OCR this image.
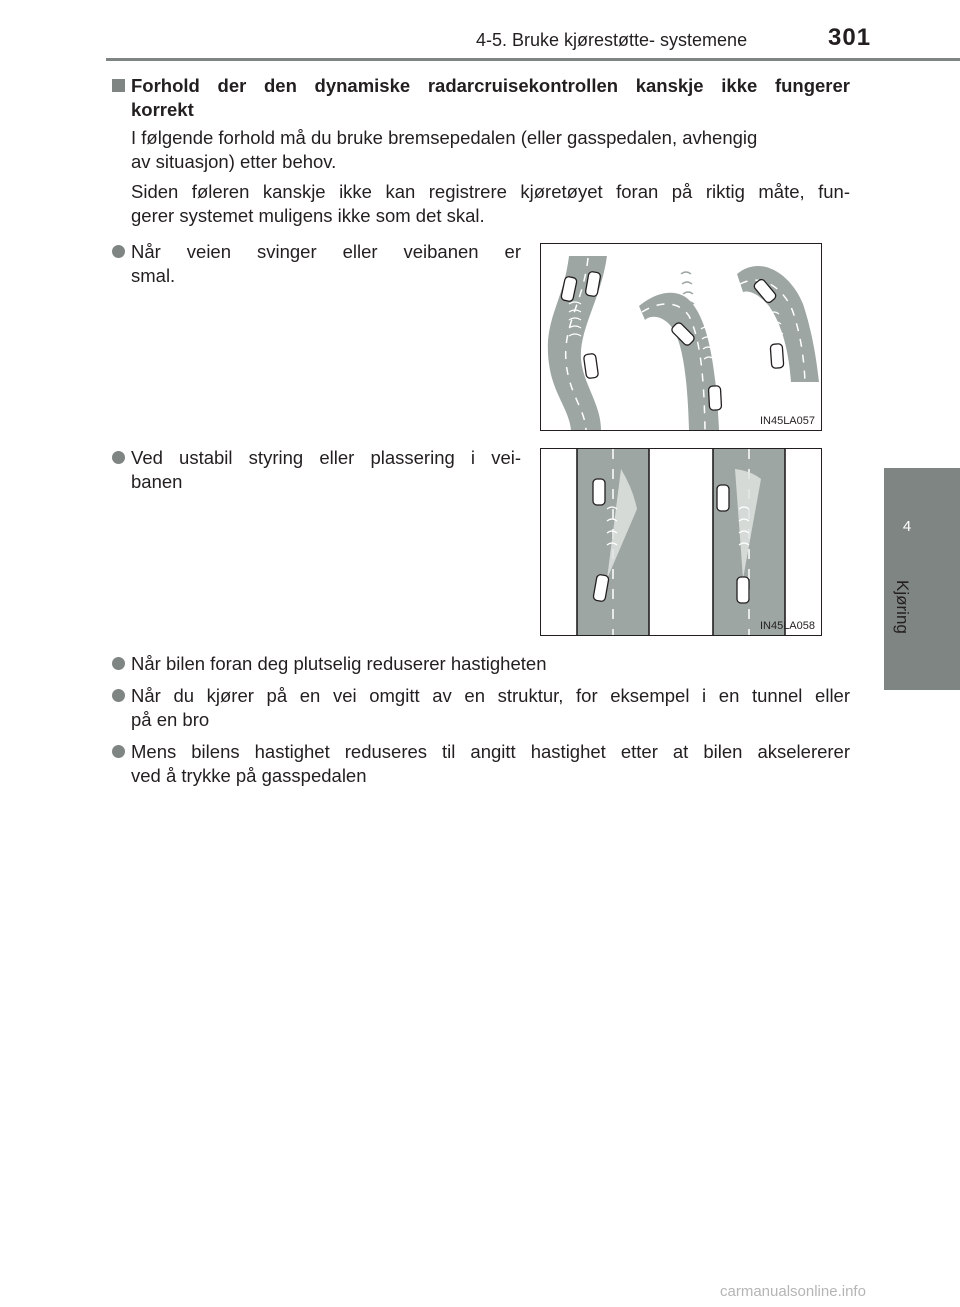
4-5. Bruke kjørestøtte- systemene	301
4
Kjøring
Forhold der den dynamiske radarcruisekontrollen kanskje ikke fungerer
korrekt
I følgende forhold må du bruke bremsepedalen (eller gasspedalen, avhengig
av situasjon) etter behov.
Siden føleren kanskje ikke kan registrere kjøretøyet foran på riktig måte, fun-
gerer systemet muligens ikke som det skal.
Når veien svinger eller veibanen er
smal.
IN45LA057
Ved ustabil styring eller plassering i vei-
banen
IN45LA058
Når bilen foran deg plutselig reduserer hastigheten
Når du kjører på en vei omgitt av en struktur, for eksempel i en tunnel eller
på en bro
Mens bilens hastighet reduseres til angitt hastighet etter at bilen akselererer
ved å trykke på gasspedalen
carmanualsonline.info
